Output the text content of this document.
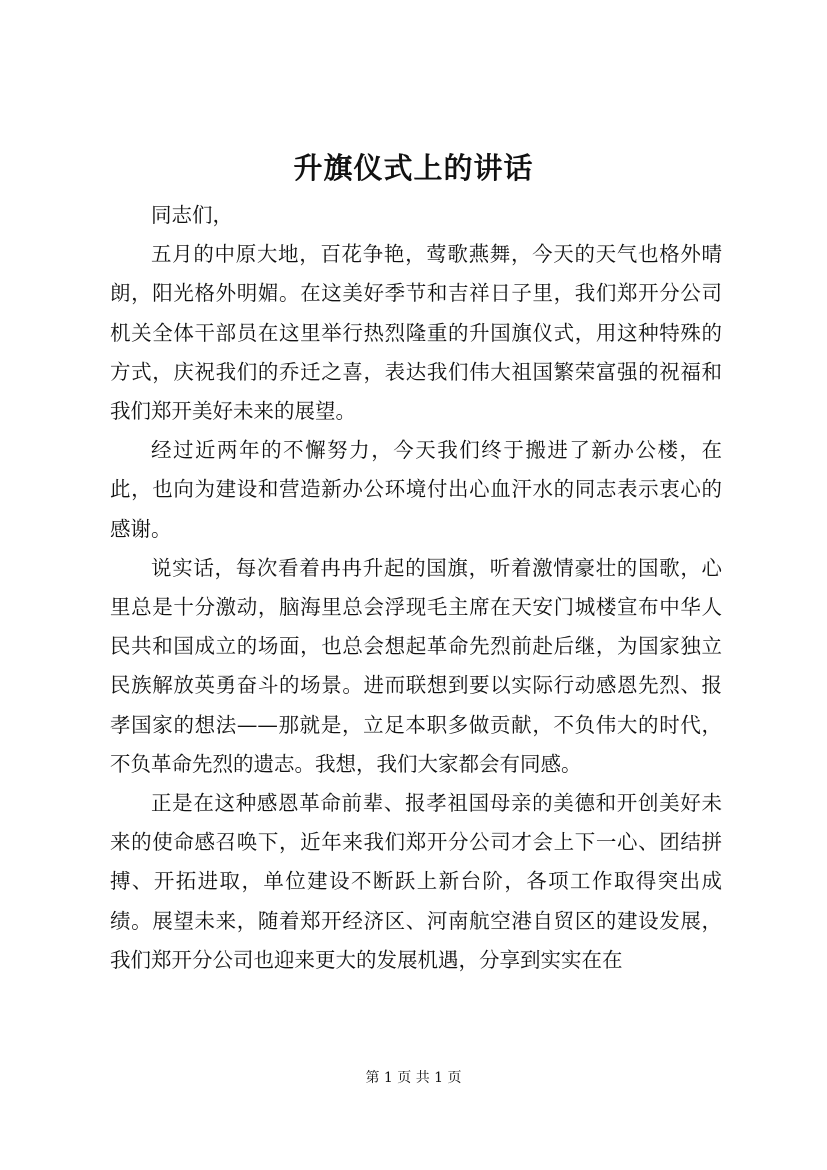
升旗仪式上的讲话

同志们，

五月的中原大地，百花争艳，莺歌燕舞，今天的天气也格外晴朗，阳光格外明媚。在这美好季节和吉祥日子里，我们郑开分公司机关全体干部员在这里举行热烈隆重的升国旗仪式，用这种特殊的方式，庆祝我们的乔迁之喜，表达我们伟大祖国繁荣富强的祝福和我们郑开美好未来的展望。

经过近两年的不懈努力，今天我们终于搬进了新办公楼，在此，也向为建设和营造新办公环境付出心血汗水的同志表示衷心的感谢。

说实话，每次看着冉冉升起的国旗，听着激情豪壮的国歌，心里总是十分激动，脑海里总会浮现毛主席在天安门城楼宣布中华人民共和国成立的场面，也总会想起革命先烈前赴后继，为国家独立民族解放英勇奋斗的场景。进而联想到要以实际行动感恩先烈、报孝国家的想法——那就是，立足本职多做贡献，不负伟大的时代，不负革命先烈的遗志。我想，我们大家都会有同感。

正是在这种感恩革命前辈、报孝祖国母亲的美德和开创美好未来的使命感召唤下，近年来我们郑开分公司才会上下一心、团结拼搏、开拓进取，单位建设不断跃上新台阶，各项工作取得突出成绩。展望未来，随着郑开经济区、河南航空港自贸区的建设发展，我们郑开分公司也迎来更大的发展机遇，分享到实实在在

第 1 页 共 1 页
